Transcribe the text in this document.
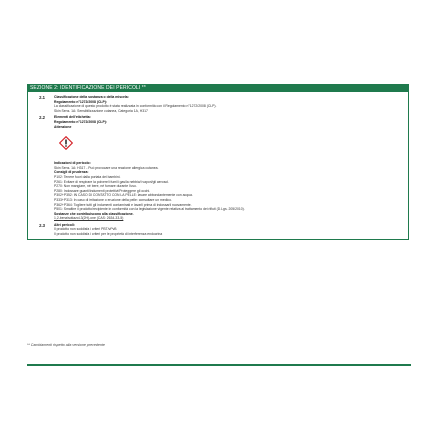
SEZIONE 2: IDENTIFICAZIONE DEI PERICOLI **
2.1	Classificazione della sostanza o della miscela:
Regolamento n°1272/2008 (CLP):
La classificazione di questo prodotto è stata realizzata in conformità con il Regolamento n°1272/2008 (CLP).
Skin Sens. 1A: Sensibilizzazione cutanea, Categoria 1A, H317
2.2	Elementi dell'etichetta:
Regolamento n°1272/2008 (CLP):
Attenzione
Indicazioni di pericolo:
Skin Sens. 1A: H317 - Può provocare una reazione allergica cutanea.
Consigli di prudenza:
P102: Tenere fuori dalla portata dei bambini.
P261: Evitare di respirare la polvere/i fumi/i gas/la nebbia/i vapori/gli aerosol.
P270: Non mangiare, né bere, né fumare durante l'uso.
P280: Indossare guanti/indumenti protettivi/Proteggere gli occhi.
P302+P352: IN CASO DI CONTATTO CON LA PELLE: lavare abbondantemente con acqua.
P333+P313: In caso di irritazione o eruzione della pelle: consultare un medico.
P362+P364: Togliere tutti gli indumenti contaminati e lavarli prima di indossarli nuovamente.
P501: Smaltire il prodotto/recipiente in conformità con la legislazione vigente relativa al trattamento dei rifiuti (D.Lgs. 205/2010).
Sostanze che contribuiscono alla classificazione.
1,2-benzisotiazol-3(2H)-one (CAS: 2634-33-5)
2.3	Altri pericoli:
Il prodotto non soddisfa i criteri PBT/vPvB
Il prodotto non soddisfa i criteri per le proprietà di interferenza endocrina
** Cambiamenti rispetto alla versione precedente
